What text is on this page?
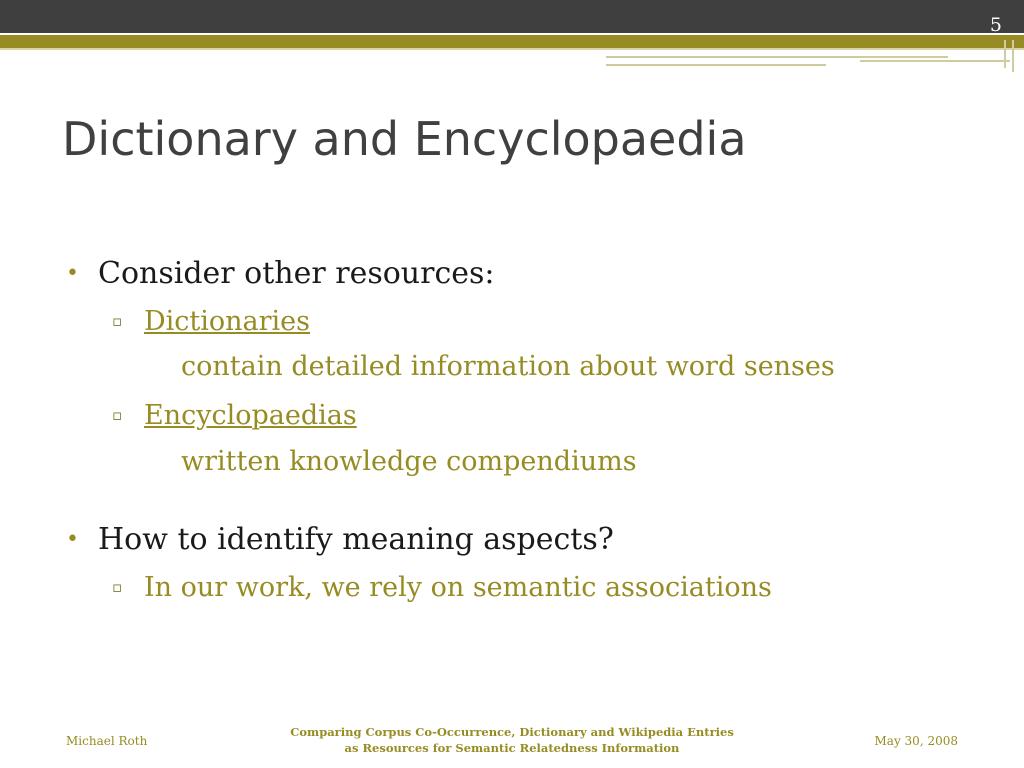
5
Dictionary and Encyclopaedia
• Consider other resources:
▫ Dictionaries
contain detailed information about word senses
▫ Encyclopaedias
written knowledge compendiums
• How to identify meaning aspects?
▫ In our work, we rely on semantic associations
Michael Roth
Comparing Corpus Co-Occurrence, Dictionary and Wikipedia Entries
as Resources for Semantic Relatedness Information	May 30, 2008
